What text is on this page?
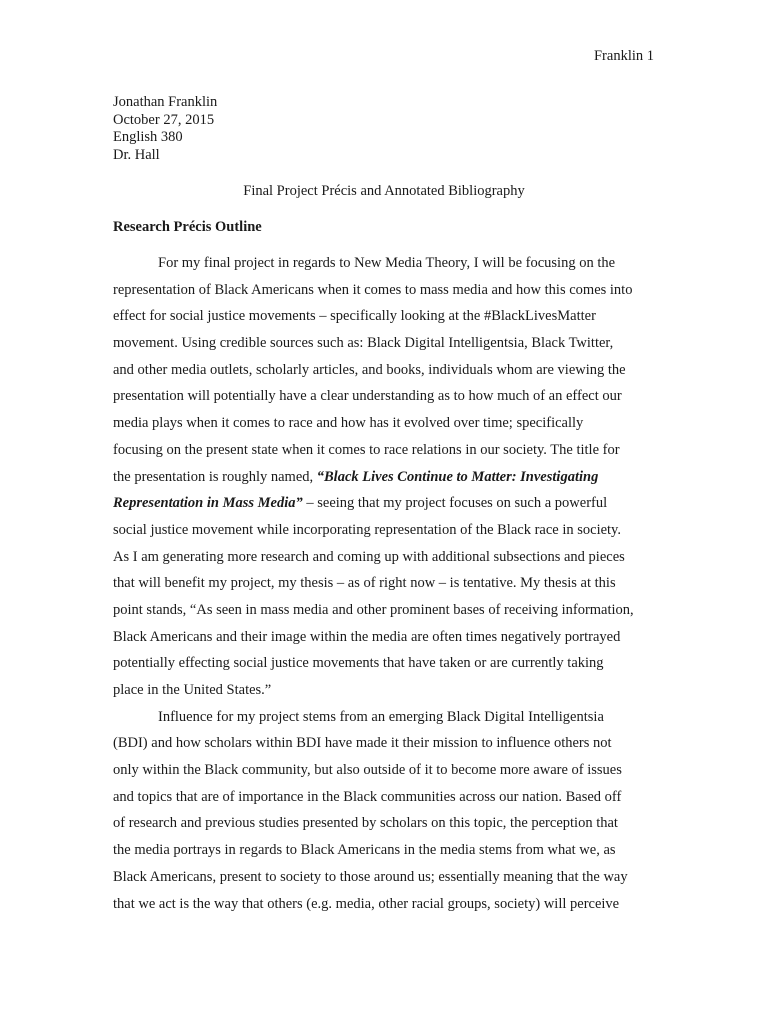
Franklin 1
Jonathan Franklin
October 27, 2015
English 380
Dr. Hall
Final Project Précis and Annotated Bibliography
Research Précis Outline
For my final project in regards to New Media Theory, I will be focusing on the
representation of Black Americans when it comes to mass media and how this comes into
effect for social justice movements – specifically looking at the #BlackLivesMatter
movement. Using credible sources such as: Black Digital Intelligentsia, Black Twitter,
and other media outlets, scholarly articles, and books, individuals whom are viewing the
presentation will potentially have a clear understanding as to how much of an effect our
media plays when it comes to race and how has it evolved over time; specifically
focusing on the present state when it comes to race relations in our society. The title for
the presentation is roughly named, “Black Lives Continue to Matter: Investigating
Representation in Mass Media” – seeing that my project focuses on such a powerful
social justice movement while incorporating representation of the Black race in society.
As I am generating more research and coming up with additional subsections and pieces
that will benefit my project, my thesis – as of right now – is tentative. My thesis at this
point stands, “As seen in mass media and other prominent bases of receiving information,
Black Americans and their image within the media are often times negatively portrayed
potentially effecting social justice movements that have taken or are currently taking
place in the United States.”
Influence for my project stems from an emerging Black Digital Intelligentsia
(BDI) and how scholars within BDI have made it their mission to influence others not
only within the Black community, but also outside of it to become more aware of issues
and topics that are of importance in the Black communities across our nation. Based off
of research and previous studies presented by scholars on this topic, the perception that
the media portrays in regards to Black Americans in the media stems from what we, as
Black Americans, present to society to those around us; essentially meaning that the way
that we act is the way that others (e.g. media, other racial groups, society) will perceive
